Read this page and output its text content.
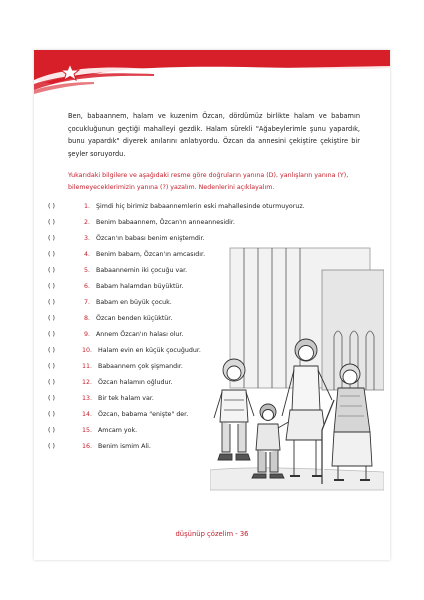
Ben, babaannem, halam ve kuzenim Özcan, dördümüz birlikte halam ve babamın çocukluğunun geçtiği mahalleyi gezdik. Halam sürekli "Ağabeylerimle şunu yapardık, bunu yapardık" diyerek anılarını anlatıyordu. Özcan da annesini çekiştire çekiştire bir şeyler soruyordu.

Yukarıdaki bilgilere ve aşağıdaki resme göre doğruların yanına (D), yanlışların yanına (Y), bilemeyeceklerimizin yanına (?) yazalım. Nedenlerini açıklayalım.

( )	1. Şimdi hiç birimiz babaannemlerin eski mahallesinde oturmuyoruz.
( )	2. Benim babaannem, Özcan'ın anneannesidir.
( )	3. Özcan'ın babası benim eniştemdir.
( )	4. Benim babam, Özcan'ın amcasıdır.
( )	5. Babaannemin iki çocuğu var.
( )	6. Babam halamdan büyüktür.
( )	7. Babam en büyük çocuk.
( )	8. Özcan benden küçüktür.
( )	9. Annem Özcan'ın halası olur.
( )	10. Halam evin en küçük çocuğudur.
( )	11. Babaannem çok şişmandır.
( )	12. Özcan halamın oğludur.
( )	13. Bir tek halam var.
( )	14. Özcan, babama "enişte" der.
( )	15. Amcam yok.
( )	16. Benim ismim Ali.
düşünüp çözelim - 36
